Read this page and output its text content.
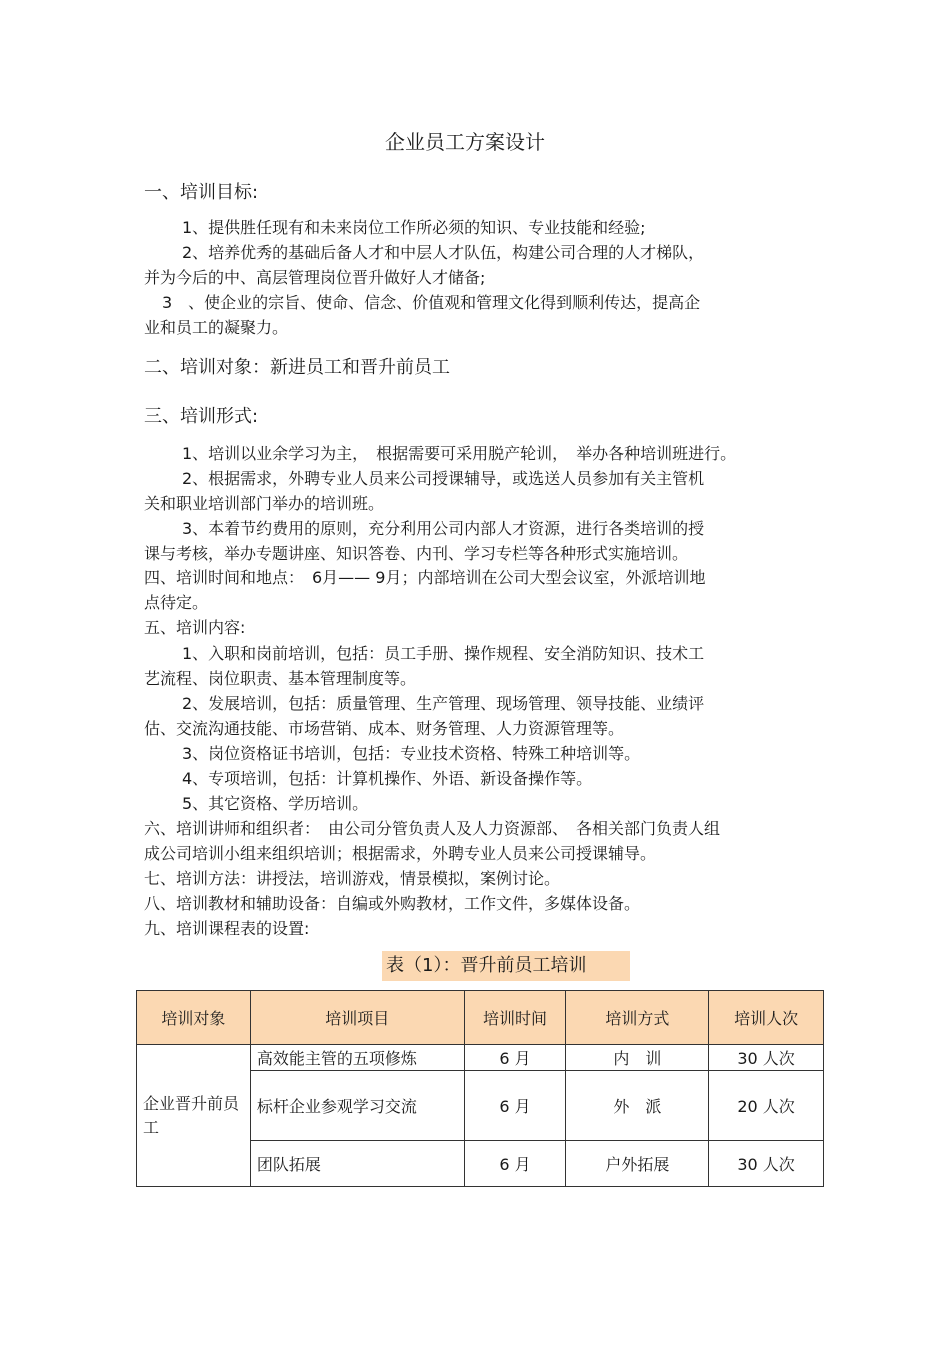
企业员工方案设计
一、培训目标:
1、提供胜任现有和未来岗位工作所必须的知识、专业技能和经验;
2、培养优秀的基础后备人才和中层人才队伍，构建公司合理的人才梯队，
并为今后的中、高层管理岗位晋升做好人才储备;
3　、使企业的宗旨、使命、信念、价值观和管理文化得到顺利传达，提高企
业和员工的凝聚力。
二、培训对象：新进员工和晋升前员工
三、培训形式:
1、培训以业余学习为主，　根据需要可采用脱产轮训，　举办各种培训班进行。
2、根据需求，外聘专业人员来公司授课辅导，或选送人员参加有关主管机
关和职业培训部门举办的培训班。
3、本着节约费用的原则，充分利用公司内部人才资源，进行各类培训的授
课与考核，举办专题讲座、知识答卷、内刊、学习专栏等各种形式实施培训。
四、培训时间和地点：　6月—— 9月；内部培训在公司大型会议室，外派培训地
点待定。
五、培训内容:
1、入职和岗前培训，包括：员工手册、操作规程、安全消防知识、技术工
艺流程、岗位职责、基本管理制度等。
2、发展培训，包括：质量管理、生产管理、现场管理、领导技能、业绩评
估、交流沟通技能、市场营销、成本、财务管理、人力资源管理等。
3、岗位资格证书培训，包括：专业技术资格、特殊工种培训等。
4、专项培训，包括：计算机操作、外语、新设备操作等。
5、其它资格、学历培训。
六、培训讲师和组织者：　由公司分管负责人及人力资源部、　各相关部门负责人组
成公司培训小组来组织培训；根据需求，外聘专业人员来公司授课辅导。
七、培训方法：讲授法，培训游戏，情景模拟，案例讨论。
八、培训教材和辅助设备：自编或外购教材，工作文件，多媒体设备。
九、培训课程表的设置:
表（1）：晋升前员工培训
培训对象	培训项目	培训时间	培训方式	培训人次
企业晋升前员工	高效能主管的五项修炼	6 月	内　训	30 人次
	标杆企业参观学习交流	6 月	外　派	20 人次
	团队拓展	6 月	户外拓展	30 人次
